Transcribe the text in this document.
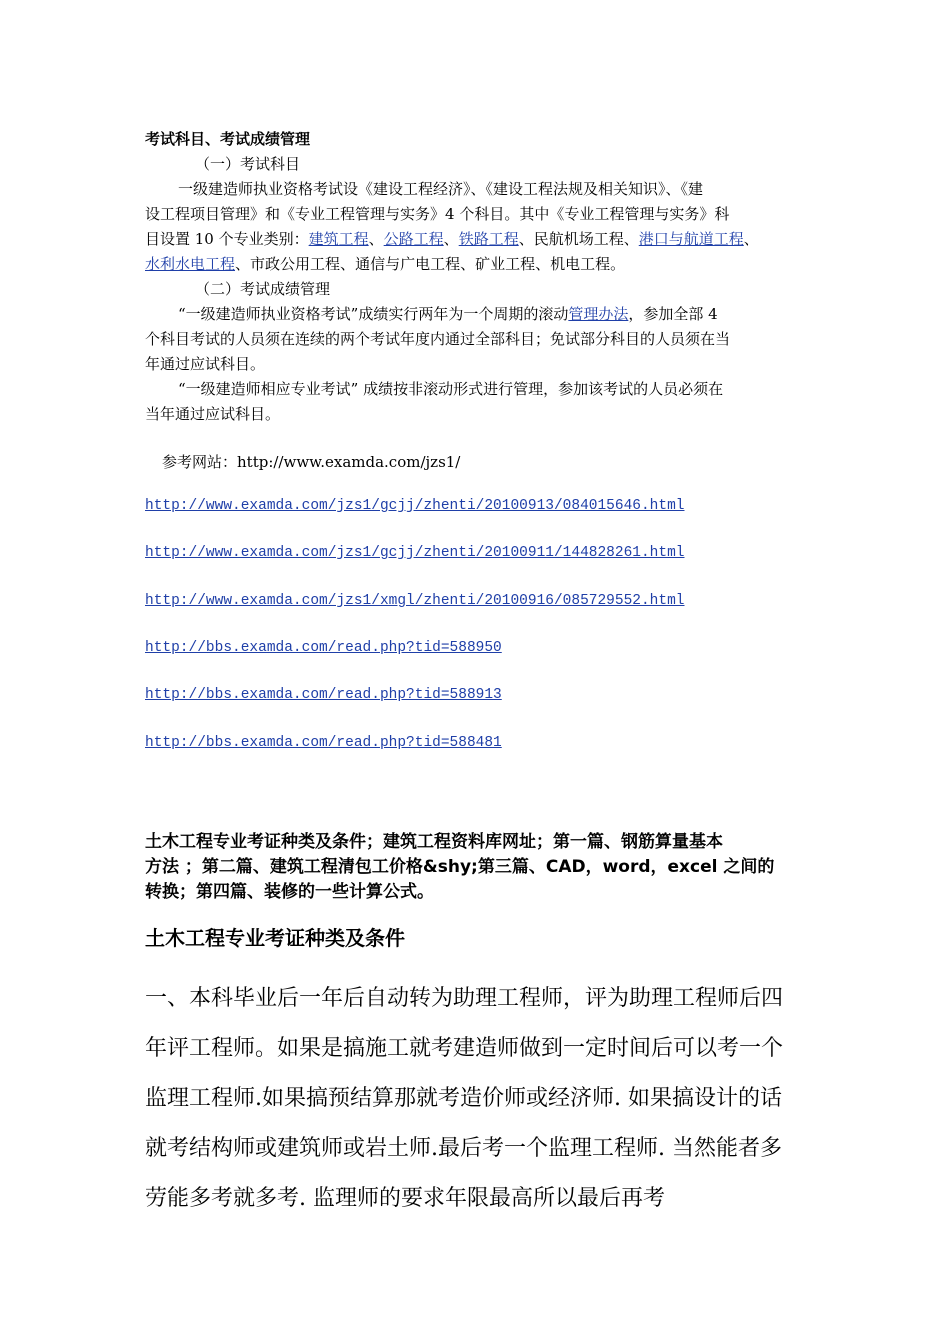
考试科目、考试成绩管理
（一）考试科目
一级建造师执业资格考试设《建设工程经济》、《建设工程法规及相关知识》、《建
设工程项目管理》和《专业工程管理与实务》4 个科目。其中《专业工程管理与实务》科
目设置 10 个专业类别：建筑工程、公路工程、铁路工程、民航机场工程、港口与航道工程、
水利水电工程、市政公用工程、通信与广电工程、矿业工程、机电工程。
（二）考试成绩管理
“一级建造师执业资格考试”成绩实行两年为一个周期的滚动管理办法，参加全部 4
个科目考试的人员须在连续的两个考试年度内通过全部科目；免试部分科目的人员须在当
年通过应试科目。
“一级建造师相应专业考试” 成绩按非滚动形式进行管理，参加该考试的人员必须在
当年通过应试科目。
参考网站：http://www.examda.com/jzs1/
http://www.examda.com/jzs1/gcjj/zhenti/20100913/084015646.html
http://www.examda.com/jzs1/gcjj/zhenti/20100911/144828261.html
http://www.examda.com/jzs1/xmgl/zhenti/20100916/085729552.html
http://bbs.examda.com/read.php?tid=588950
http://bbs.examda.com/read.php?tid=588913
http://bbs.examda.com/read.php?tid=588481
土木工程专业考证种类及条件；建筑工程资料库网址；第一篇、钢筋算量基本
方法 ；第二篇、建筑工程清包工价格&shy;第三篇、CAD，word，excel 之间的
转换；第四篇、装修的一些计算公式。
土木工程专业考证种类及条件
一、本科毕业后一年后自动转为助理工程师，评为助理工程师后四
年评工程师。如果是搞施工就考建造师做到一定时间后可以考一个
监理工程师.如果搞预结算那就考造价师或经济师. 如果搞设计的话
就考结构师或建筑师或岩土师.最后考一个监理工程师. 当然能者多
劳能多考就多考. 监理师的要求年限最高所以最后再考
